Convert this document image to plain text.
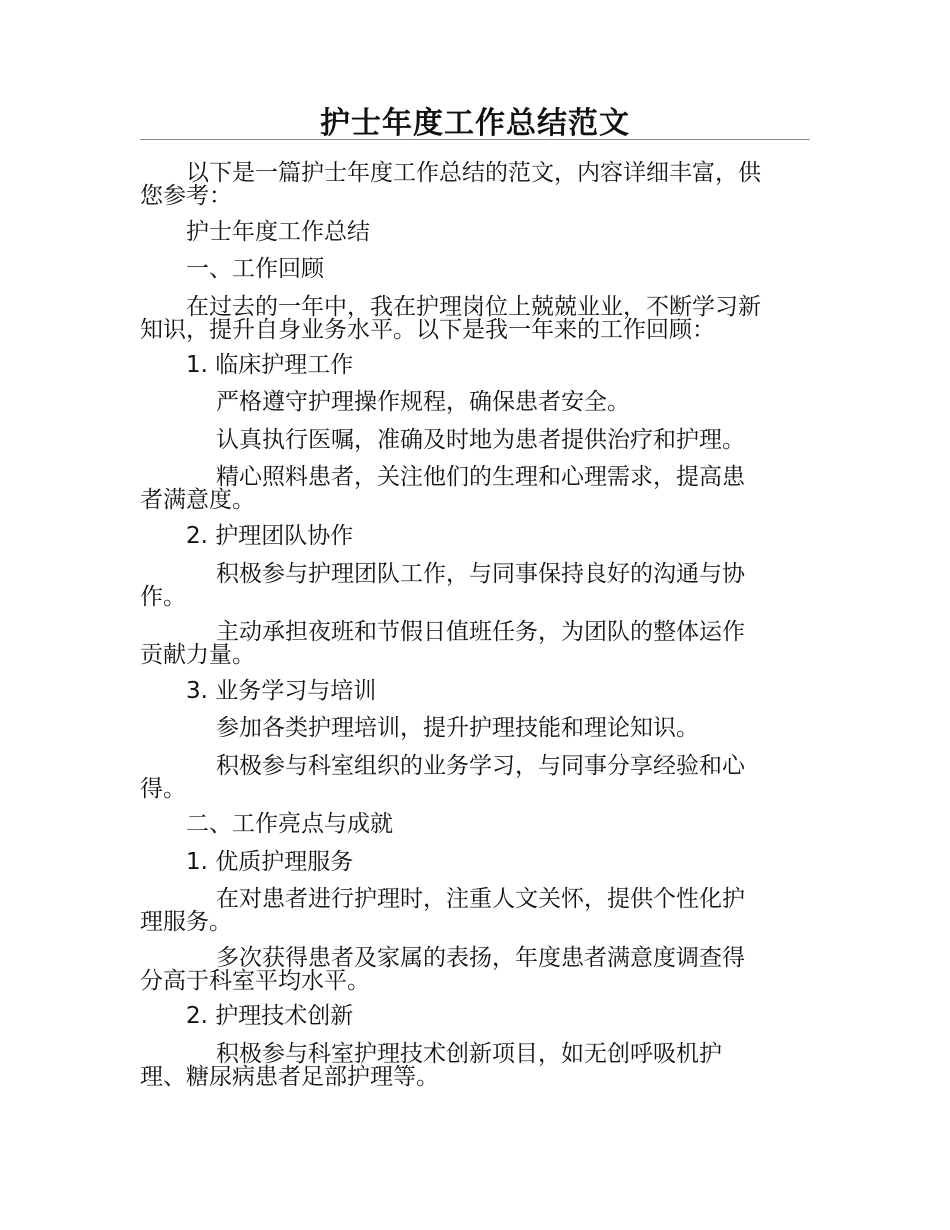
护士年度工作总结范文
以下是一篇护士年度工作总结的范文，内容详细丰富，供
您参考：
护士年度工作总结
一、工作回顾
在过去的一年中，我在护理岗位上兢兢业业，不断学习新
知识，提升自身业务水平。以下是我一年来的工作回顾：
1. 临床护理工作
严格遵守护理操作规程，确保患者安全。
认真执行医嘱，准确及时地为患者提供治疗和护理。
精心照料患者，关注他们的生理和心理需求，提高患
者满意度。
2. 护理团队协作
积极参与护理团队工作，与同事保持良好的沟通与协
作。
主动承担夜班和节假日值班任务，为团队的整体运作
贡献力量。
3. 业务学习与培训
参加各类护理培训，提升护理技能和理论知识。
积极参与科室组织的业务学习，与同事分享经验和心
得。
二、工作亮点与成就
1. 优质护理服务
在对患者进行护理时，注重人文关怀，提供个性化护
理服务。
多次获得患者及家属的表扬，年度患者满意度调查得
分高于科室平均水平。
2. 护理技术创新
积极参与科室护理技术创新项目，如无创呼吸机护
理、糖尿病患者足部护理等。
